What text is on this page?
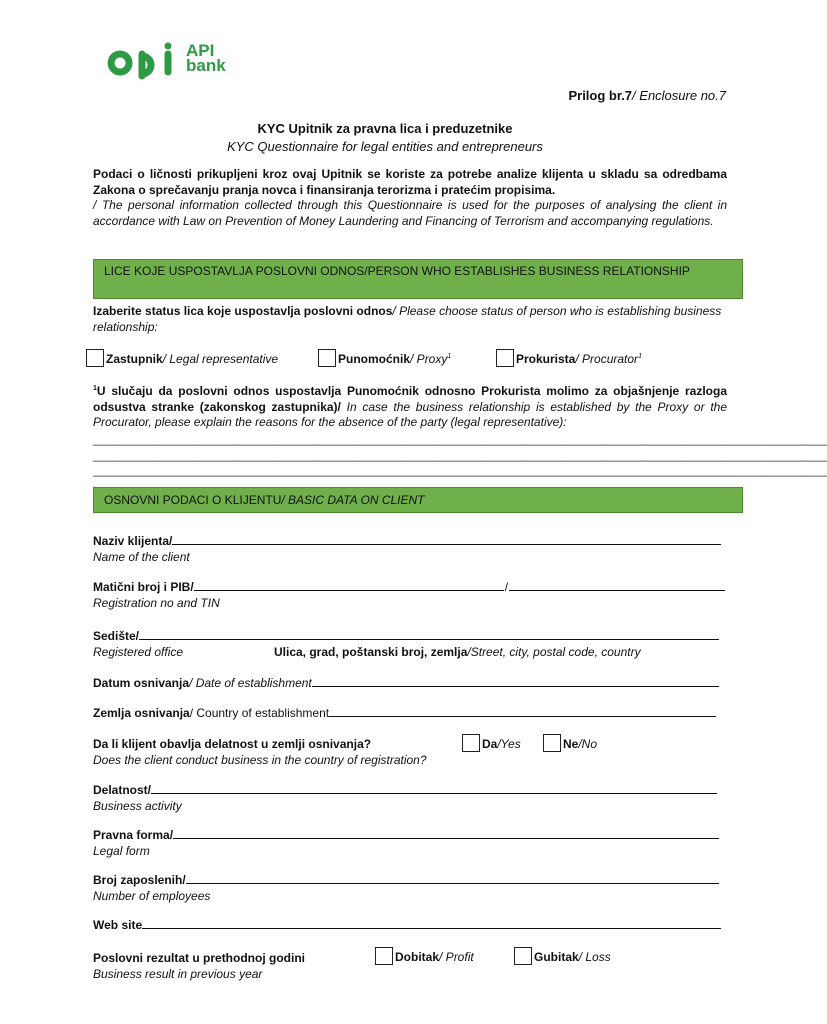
API
bank
Prilog br.7/ Enclosure no.7
KYC Upitnik za pravna lica i preduzetnike
KYC Questionnaire for legal entities and entrepreneurs
Podaci o ličnosti prikupljeni kroz ovaj Upitnik se koriste za potrebe analize klijenta u skladu sa odredbama Zakona o sprečavanju pranja novca i finansiranja terorizma i pratećim propisima.
/ The personal information collected through this Questionnaire is used for the purposes of analysing the client in accordance with Law on Prevention of Money Laundering and Financing of Terrorism and accompanying regulations.
LICE KOJE USPOSTAVLJA POSLOVNI ODNOS/PERSON WHO ESTABLISHES BUSINESS RELATIONSHIP
Izaberite status lica koje uspostavlja poslovni odnos/ Please choose status of person who is establishing business relationship:
Zastupnik/ Legal representative	Punomoćnik/ Proxy$^1$	Prokurista/ Procurator$^1$
$^1$U slučaju da poslovni odnos uspostavlja Punomoćnik odnosno Prokurista molimo za objašnjenje razloga odsustva stranke (zakonskog zastupnika)/ In case the business relationship is established by the Proxy or the Procurator, please explain the reasons for the absence of the party (legal representative):
______________________________________________________________________________________________________________
______________________________________________________________________________________________________________
______________________________________________________________________________________________________________
OSNOVNI PODACI O KLIJENTU/ BASIC DATA ON CLIENT
Naziv klijenta/
Name of the client
Matični broj i PIB/	/
Registration no and TIN
Sedište/
Registered office	Ulica, grad, poštanski broj, zemlja/Street, city, postal code, country
Datum osnivanja / Date of establishment
Zemlja osnivanja / Country of establishment
Da li klijent obavlja delatnost u zemlji osnivanja?
Does the client conduct business in the country of registration?
Da/Yes	Ne/No
Delatnost/
Business activity
Pravna forma/
Legal form
Broj zaposlenih/
Number of employees
Web site
Poslovni rezultat u prethodnoj godini
Business result in previous year
Dobitak/ Profit	Gubitak/ Loss
